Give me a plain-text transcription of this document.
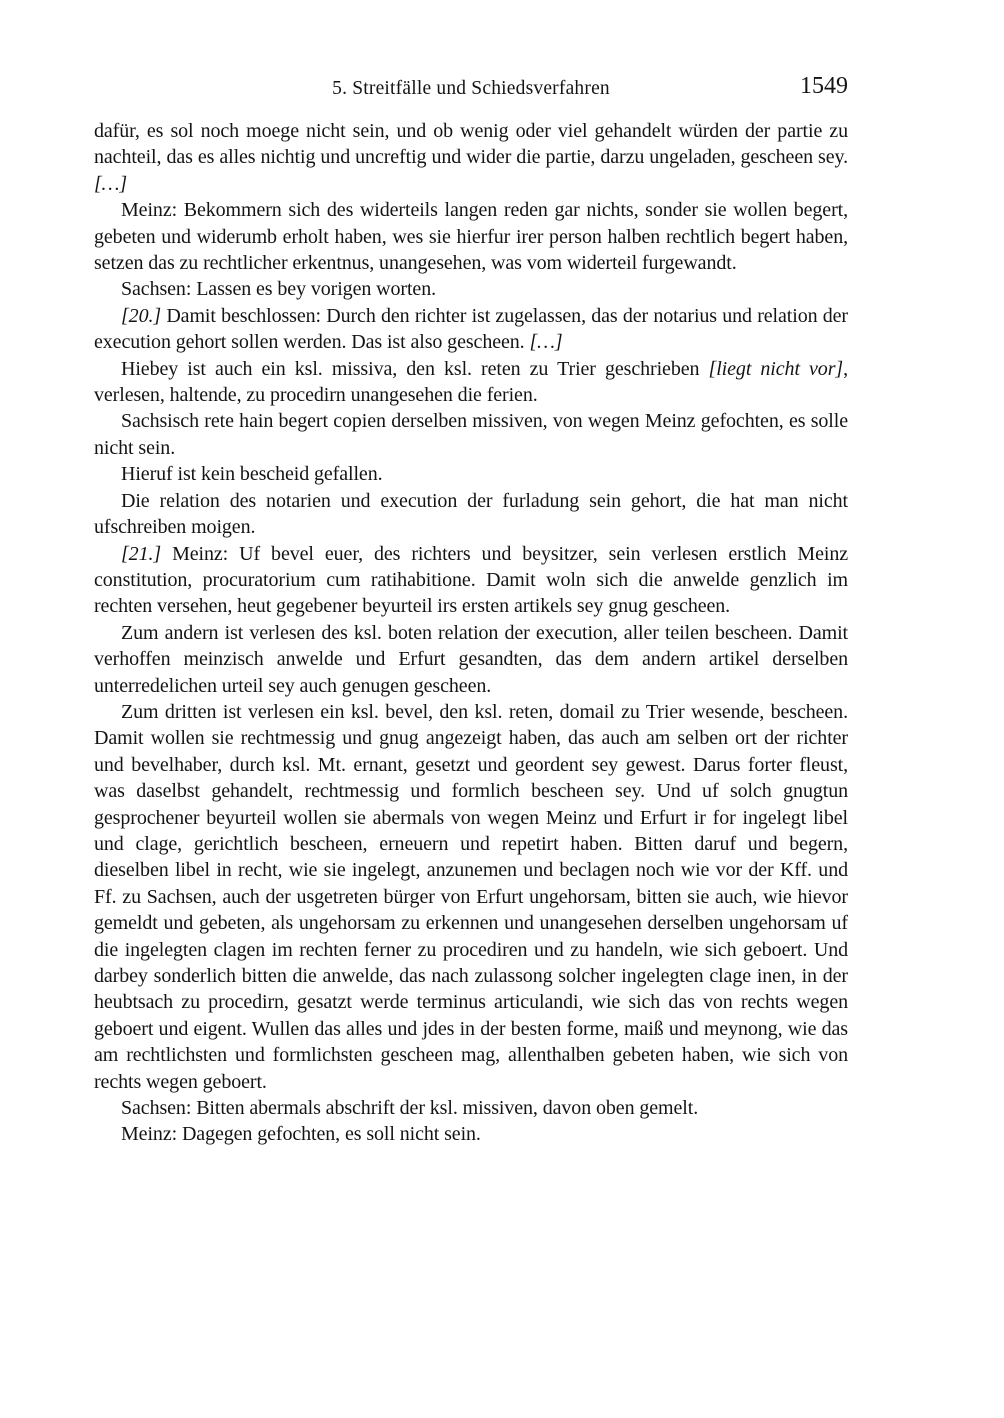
5. Streitfälle und Schiedsverfahren	1549

dafür, es sol noch moege nicht sein, und ob wenig oder viel gehandelt würden der partie zu nachteil, das es alles nichtig und uncreftig und wider die partie, darzu ungeladen, gescheen sey. […]

Meinz: Bekommern sich des widerteils langen reden gar nichts, sonder sie wollen begert, gebeten und widerumb erholt haben, wes sie hierfur irer person halben rechtlich begert haben, setzen das zu rechtlicher erkentnus, unangesehen, was vom widerteil furgewandt.

Sachsen: Lassen es bey vorigen worten.

[20.] Damit beschlossen: Durch den richter ist zugelassen, das der notarius und relation der execution gehort sollen werden. Das ist also gescheen. […]

Hiebey ist auch ein ksl. missiva, den ksl. reten zu Trier geschrieben [liegt nicht vor], verlesen, haltende, zu procedirn unangesehen die ferien.

Sachsisch rete hain begert copien derselben missiven, von wegen Meinz gefochten, es solle nicht sein.

Hieruf ist kein bescheid gefallen.

Die relation des notarien und execution der furladung sein gehort, die hat man nicht ufschreiben moigen.

[21.] Meinz: Uf bevel euer, des richters und beysitzer, sein verlesen erstlich Meinz constitution, procuratorium cum ratihabitione. Damit woln sich die anwelde genzlich im rechten versehen, heut gegebener beyurteil irs ersten artikels sey gnug gescheen.

Zum andern ist verlesen des ksl. boten relation der execution, aller teilen bescheen. Damit verhoffen meinzisch anwelde und Erfurt gesandten, das dem andern artikel derselben unterredelichen urteil sey auch genugen gescheen.

Zum dritten ist verlesen ein ksl. bevel, den ksl. reten, domail zu Trier wesende, bescheen. Damit wollen sie rechtmessig und gnug angezeigt haben, das auch am selben ort der richter und bevelhaber, durch ksl. Mt. ernant, gesetzt und geordent sey gewest. Darus forter fleust, was daselbst gehandelt, rechtmessig und formlich bescheen sey. Und uf solch gnugtun gesprochener beyurteil wollen sie abermals von wegen Meinz und Erfurt ir for ingelegt libel und clage, gerichtlich bescheen, erneuern und repetirt haben. Bitten daruf und begern, dieselben libel in recht, wie sie ingelegt, anzunemen und beclagen noch wie vor der Kff. und Ff. zu Sachsen, auch der usgetreten bürger von Erfurt ungehorsam, bitten sie auch, wie hievor gemeldt und gebeten, als ungehorsam zu erkennen und unangesehen derselben ungehorsam uf die ingelegten clagen im rechten ferner zu procediren und zu handeln, wie sich geboert. Und darbey sonderlich bitten die anwelde, das nach zulassong solcher ingelegten clage inen, in der heubtsach zu procedirn, gesatzt werde terminus articulandi, wie sich das von rechts wegen geboert und eigent. Wullen das alles und jdes in der besten forme, maiß und meynong, wie das am rechtlichsten und formlichsten gescheen mag, allenthalben gebeten haben, wie sich von rechts wegen geboert.

Sachsen: Bitten abermals abschrift der ksl. missiven, davon oben gemelt.

Meinz: Dagegen gefochten, es soll nicht sein.
